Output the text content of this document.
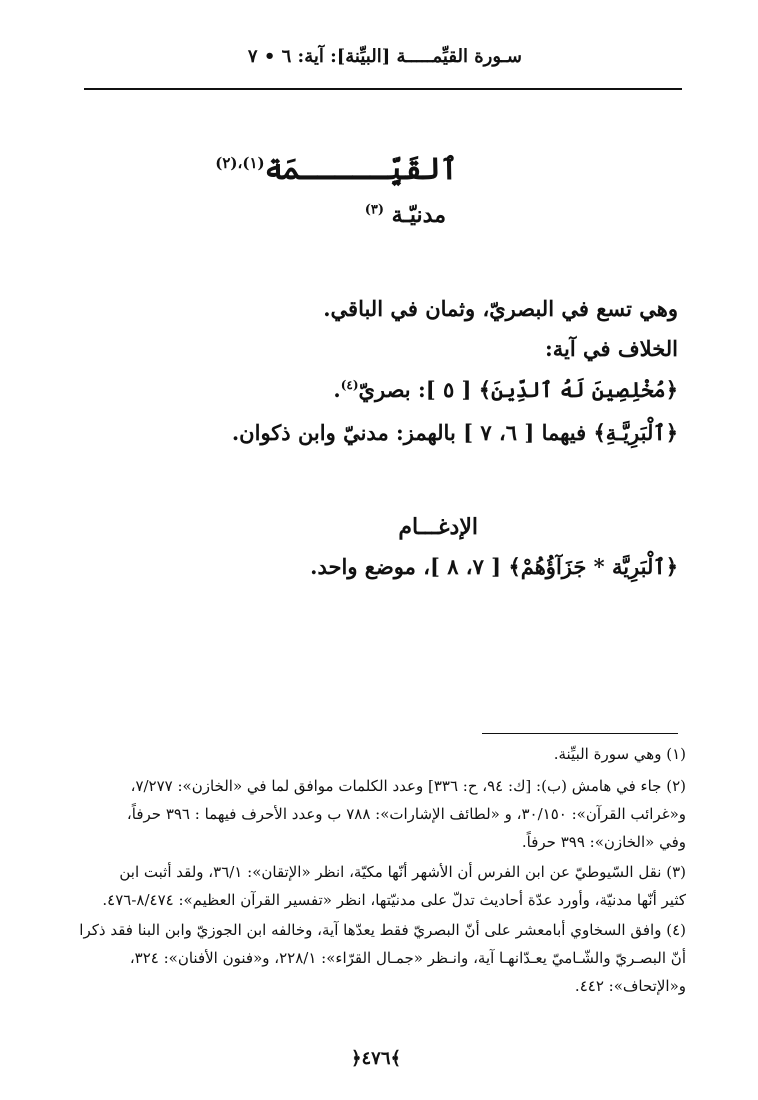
سـورة القيِّمـــــة [البيِّنة]: آية: ٦ • ٧
ٱلقَيِّـــــمَة$^{(١)،(٢)}$
مدنيّـة $^{(٣)}$
وهي تسع في البصريّ، وثمان في الباقي.
الخلاف في آية:
﴿مُخْلِصِينَ لَهُ ٱلدِّينَ﴾ [ ٥ ]: بصريّ$^{(٤)}$.
﴿ٱلْبَرِيَّـةِ﴾ فيهما [ ٦، ٧ ] بالهمز: مدنيّ وابن ذكوان.
الإدغـــام
﴿ٱلْبَرِيَّة * جَزَآؤُهُمْ﴾ [ ٧، ٨ ]، موضع واحد.
(١) وهي سورة البيِّنة.
(٢) جاء في هامش (ب): [ك: ٩٤، ح: ٣٣٦] وعدد الكلمات موافق لما في «الخازن»: ٧/٢٧٧،
و«غرائب القرآن»: ٣٠/١٥٠، و «لطائف الإشارات»: ٧٨٨ ب وعدد الأحرف فيهما : ٣٩٦ حرفاً،
وفي «الخازن»: ٣٩٩ حرفاً.
(٣) نقل السّيوطيّ عن ابن الفرس أن الأشهر أنّها مكيّة، انظر «الإتقان»: ٣٦/١، ولقد أثبت ابن
كثير أنّها مدنيّة، وأورد عدّة أحاديث تدلّ على مدنيّتها، انظر «تفسير القرآن العظيم»: ٨/٤٧٤-٤٧٦.
(٤) وافق السخاوي أبامعشر على أنّ البصريّ فقط يعدّها آية، وخالفه ابن الجوزيّ وابن البنا فقد ذكرا
أنّ البصـريّ والشّـاميّ يعـدّانهـا آية، وانـظر «جمـال القرّاء»: ٢٢٨/١، و«فنون الأفنان»: ٣٢٤،
و«الإتحاف»: ٤٤٢.
﴿٤٧٦﴾
